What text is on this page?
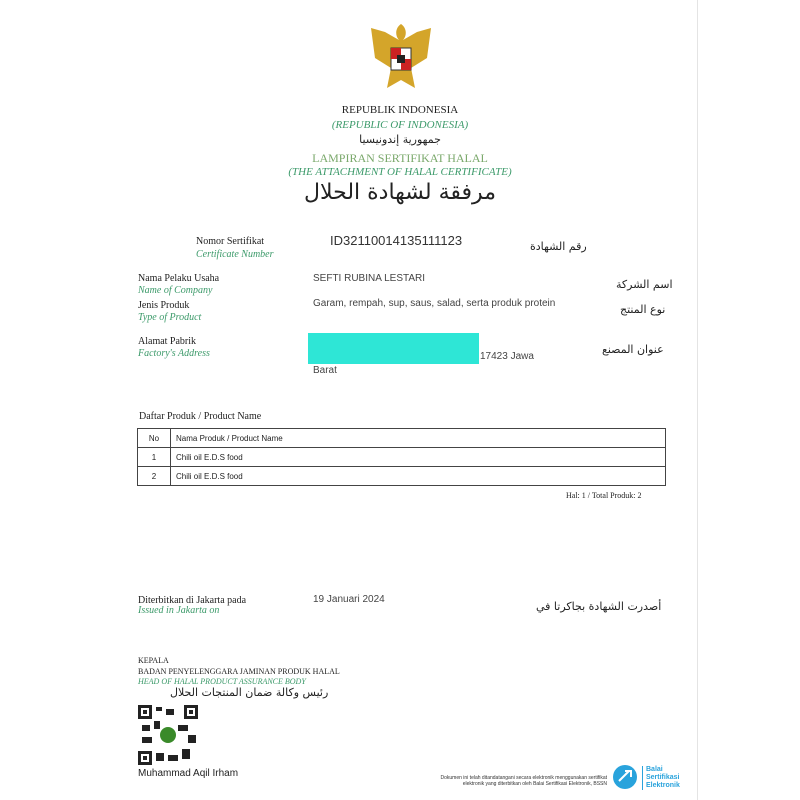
REPUBLIK INDONESIA
(REPUBLIC OF INDONESIA)
جمهورية إندونيسيا
LAMPIRAN SERTIFIKAT HALAL
(THE ATTACHMENT OF HALAL CERTIFICATE)
مرفقة لشهادة الحلال
Nomor Sertifikat
Certificate Number
ID32110014135111123	رقم الشهادة
Nama Pelaku Usaha
Name of Company
SEFTI RUBINA LESTARI	اسم الشركة
Jenis Produk
Type of Product
Garam, rempah, sup, saus, salad, serta produk protein	نوع المنتج
Alamat Pabrik
Factory's Address	17423 Jawa
Barat
عنوان المصنع
Daftar Produk / Product Name
No	Nama Produk / Product Name
1	Chili oil E.D.S food
2	Chili oil E.D.S food
Hal: 1 / Total Produk: 2
Diterbitkan di Jakarta pada
Issued in Jakarta on
19 Januari 2024
أصدرت الشهادة بجاكرتا في
KEPALA
BADAN PENYELENGGARA JAMINAN PRODUK HALAL
HEAD OF HALAL PRODUCT ASSURANCE BODY
رئيس وكالة ضمان المنتجات الحلال
Muhammad Aqil Irham	Dokumen ini telah ditandatangani secara elektronik menggunakan sertifikat
elektronik yang diterbitkan oleh Balai Sertifikasi Elektronik, BSSN
Balai
Sertifikasi
Elektronik
